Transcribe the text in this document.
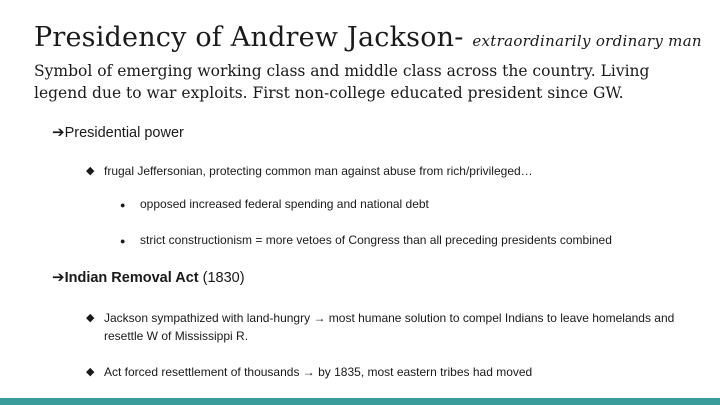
Presidency of Andrew Jackson- extraordinarily ordinary man
Symbol of emerging working class and middle class across the country. Living legend due to war exploits. First non-college educated president since GW.
➔Presidential power
◆ frugal Jeffersonian, protecting common man against abuse from rich/privileged…
●	opposed increased federal spending and national debt
●	strict constructionism = more vetoes of Congress than all preceding presidents combined
➔Indian Removal Act (1830)
◆ Jackson sympathized with land-hungry → most humane solution to compel Indians to leave homelands and resettle W of Mississippi R.
◆ Act forced resettlement of thousands → by 1835, most eastern tribes had moved
